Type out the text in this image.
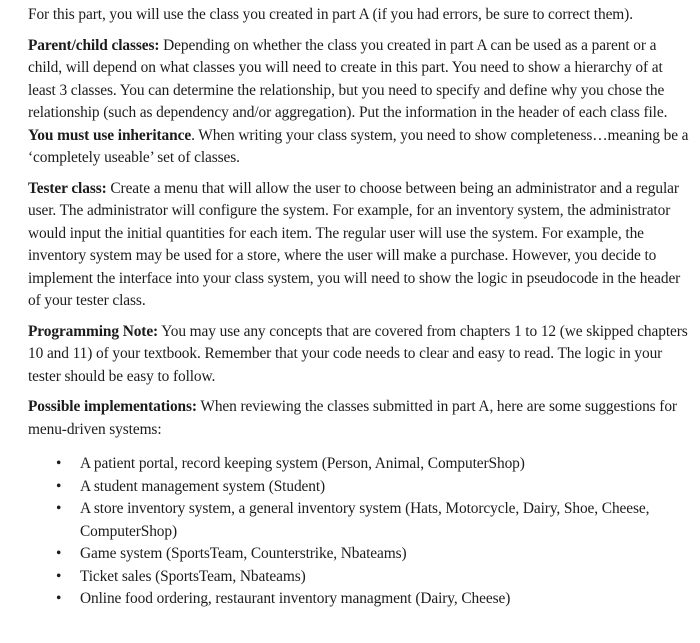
For this part, you will use the class you created in part A (if you had errors, be sure to correct them).

Parent/child classes: Depending on whether the class you created in part A can be used as a parent or a child, will depend on what classes you will need to create in this part. You need to show a hierarchy of at least 3 classes. You can determine the relationship, but you need to specify and define why you chose the relationship (such as dependency and/or aggregation). Put the information in the header of each class file. You must use inheritance. When writing your class system, you need to show completeness…meaning be a ‘completely useable’ set of classes.

Tester class: Create a menu that will allow the user to choose between being an administrator and a regular user. The administrator will configure the system. For example, for an inventory system, the administrator would input the initial quantities for each item. The regular user will use the system. For example, the inventory system may be used for a store, where the user will make a purchase. However, you decide to implement the interface into your class system, you will need to show the logic in pseudocode in the header of your tester class.

Programming Note: You may use any concepts that are covered from chapters 1 to 12 (we skipped chapters 10 and 11) of your textbook. Remember that your code needs to clear and easy to read. The logic in your tester should be easy to follow.

Possible implementations: When reviewing the classes submitted in part A, here are some suggestions for menu-driven systems:

• A patient portal, record keeping system (Person, Animal, ComputerShop)
• A student management system (Student)
• A store inventory system, a general inventory system (Hats, Motorcycle, Dairy, Shoe, Cheese, ComputerShop)
• Game system (SportsTeam, Counterstrike, Nbateams)
• Ticket sales (SportsTeam, Nbateams)
• Online food ordering, restaurant inventory managment (Dairy, Cheese)
